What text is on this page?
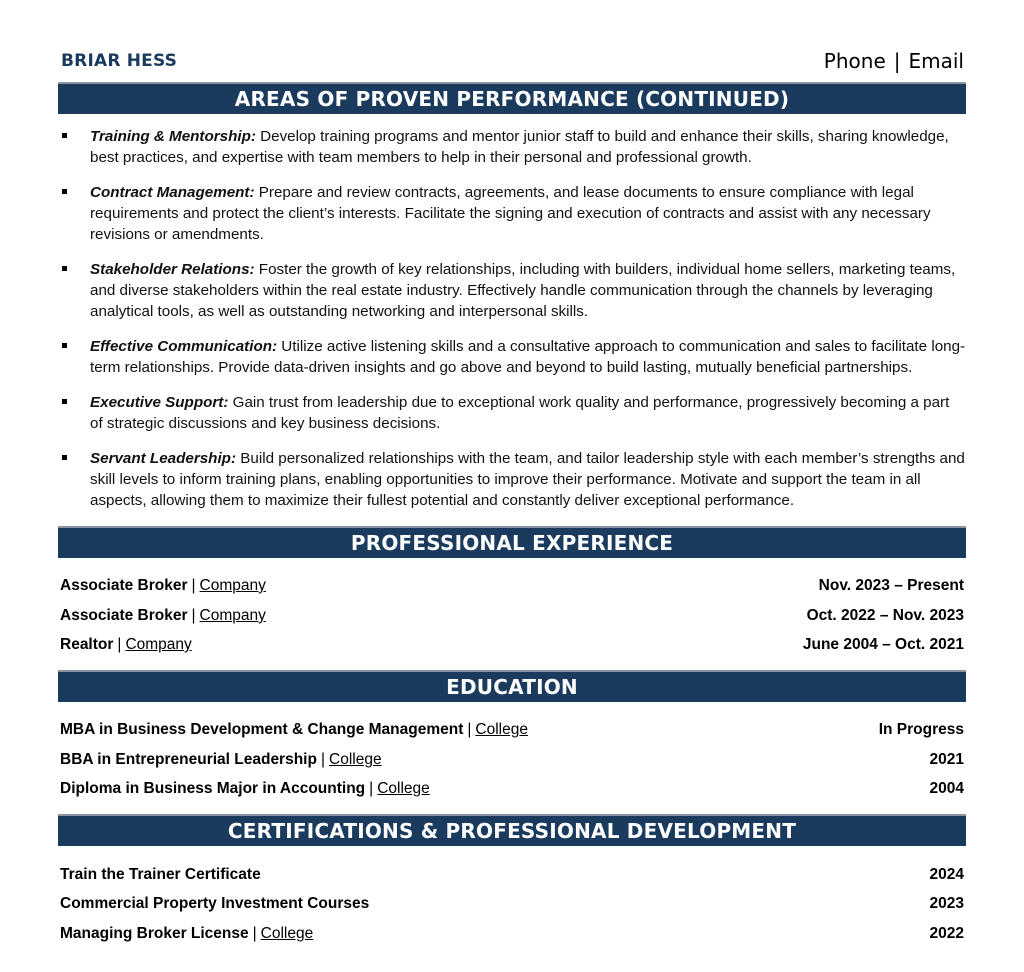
BRIAR HESS	Phone | Email
AREAS OF PROVEN PERFORMANCE (CONTINUED)
Training & Mentorship: Develop training programs and mentor junior staff to build and enhance their skills, sharing knowledge, best practices, and expertise with team members to help in their personal and professional growth.
Contract Management: Prepare and review contracts, agreements, and lease documents to ensure compliance with legal requirements and protect the client’s interests. Facilitate the signing and execution of contracts and assist with any necessary revisions or amendments.
Stakeholder Relations: Foster the growth of key relationships, including with builders, individual home sellers, marketing teams, and diverse stakeholders within the real estate industry. Effectively handle communication through the channels by leveraging analytical tools, as well as outstanding networking and interpersonal skills.
Effective Communication: Utilize active listening skills and a consultative approach to communication and sales to facilitate long-term relationships. Provide data-driven insights and go above and beyond to build lasting, mutually beneficial partnerships.
Executive Support: Gain trust from leadership due to exceptional work quality and performance, progressively becoming a part of strategic discussions and key business decisions.
Servant Leadership: Build personalized relationships with the team, and tailor leadership style with each member’s strengths and skill levels to inform training plans, enabling opportunities to improve their performance. Motivate and support the team in all aspects, allowing them to maximize their fullest potential and constantly deliver exceptional performance.
PROFESSIONAL EXPERIENCE
Associate Broker | Company	Nov. 2023 – Present
Associate Broker | Company	Oct. 2022 – Nov. 2023
Realtor | Company	June 2004 – Oct. 2021
EDUCATION
MBA in Business Development & Change Management | College	In Progress
BBA in Entrepreneurial Leadership | College	2021
Diploma in Business Major in Accounting | College	2004
CERTIFICATIONS & PROFESSIONAL DEVELOPMENT
Train the Trainer Certificate	2024
Commercial Property Investment Courses	2023
Managing Broker License | College	2022
